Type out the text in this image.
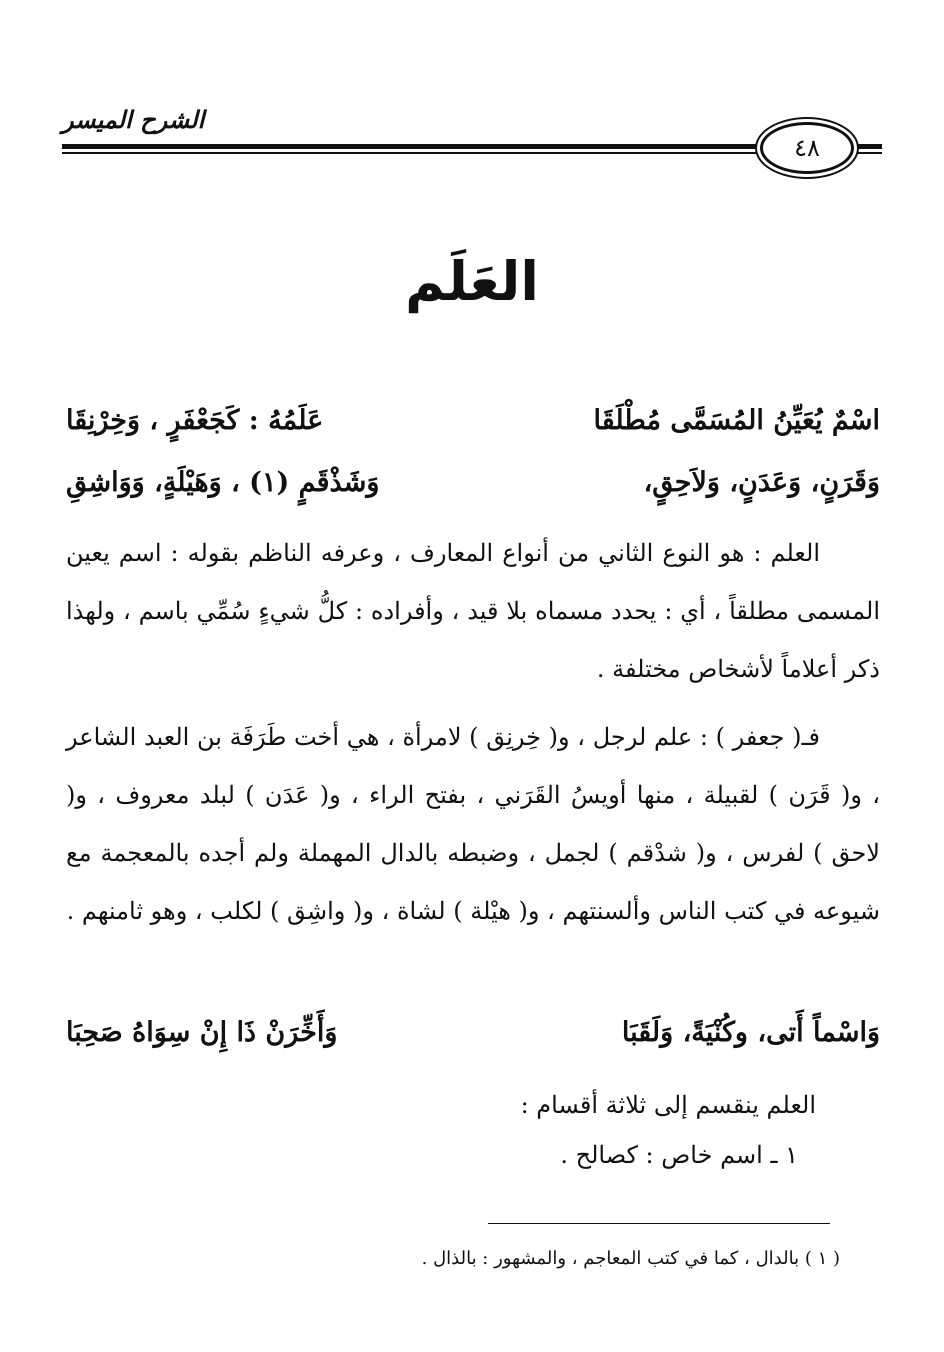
الشرح الميسر
٤٨
العَلَم
اسْمٌ يُعَيِّنُ المُسَمَّى مُطْلَقَا
عَلَمُهُ : كَجَعْفَرٍ ، وَخِرْنِقَا
وَقَرَنٍ، وَعَدَنٍ، وَلاَحِقٍ،
وَشَذْقَمٍ (١) ، وَهَيْلَةٍ، وَوَاشِقِ
العلم : هو النوع الثاني من أنواع المعارف ، وعرفه الناظم بقوله : اسم يعين المسمى مطلقاً ، أي : يحدد مسماه بلا قيد ، وأفراده : كلُّ شيءٍ سُمِّي باسم ، ولهذا ذكر أعلاماً لأشخاص مختلفة .
فـ( جعفر ) : علم لرجل ، و( خِرنِق ) لامرأة ، هي أخت طَرَفَة بن العبد الشاعر ، و( قَرَن ) لقبيلة ، منها أويسُ القَرَني ، بفتح الراء ، و( عَدَن ) لبلد معروف ، و( لاحق ) لفرس ، و( شدْقم ) لجمل ، وضبطه بالدال المهملة ولم أجده بالمعجمة مع شيوعه في كتب الناس وألسنتهم ، و( هيْلة ) لشاة ، و( واشِق ) لكلب ، وهو ثامنهم .
وَاسْماً أَتى، وكُنْيَةً، وَلَقَبَا
وَأَخِّرَنْ ذَا إِنْ سِوَاهُ صَحِبَا
العلم ينقسم إلى ثلاثة أقسام :
١ ـ اسم خاص : كصالح .
( ١ ) بالدال ، كما في كتب المعاجم ، والمشهور : بالذال .
